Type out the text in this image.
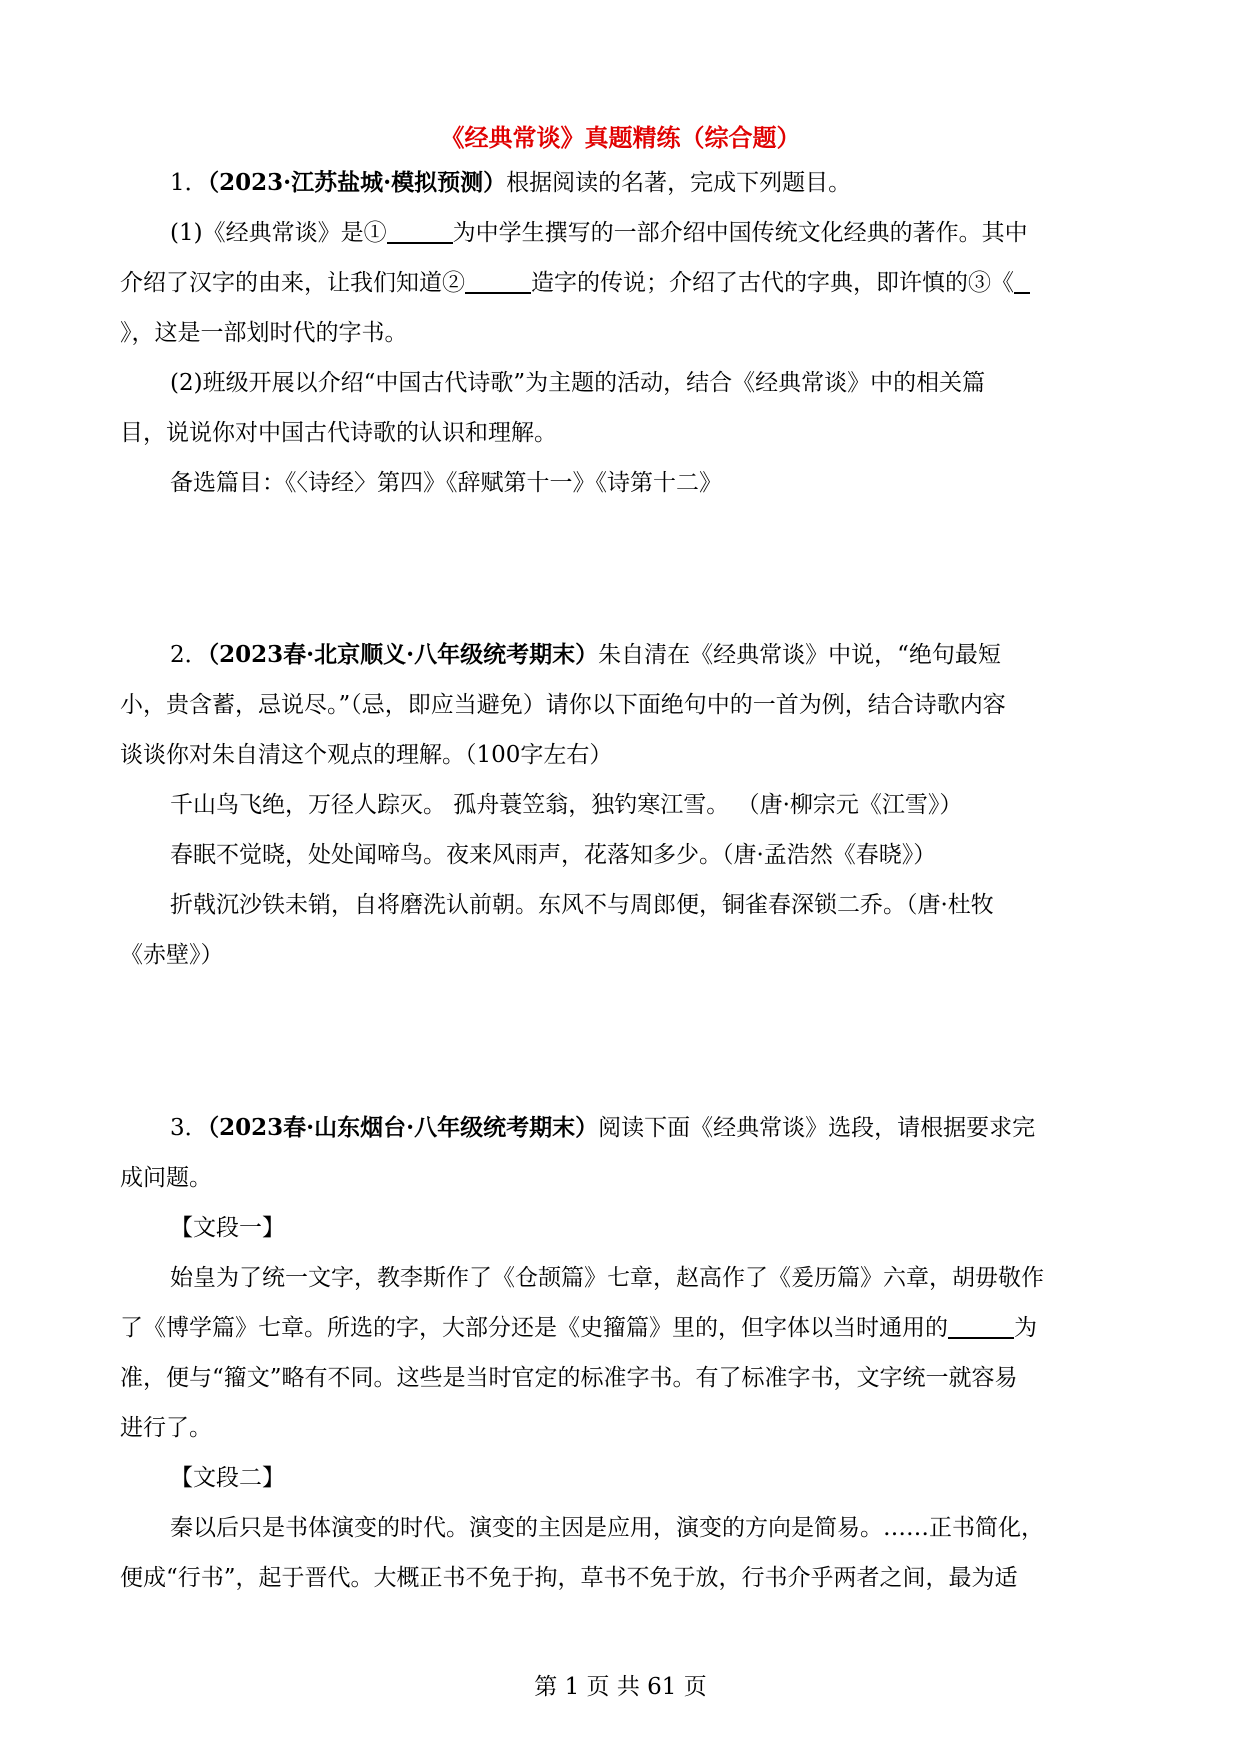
《经典常谈》真题精练（综合题）
1．（2023·江苏盐城·模拟预测）根据阅读的名著，完成下列题目。
(1)《经典常谈》是①	为中学生撰写的一部介绍中国传统文化经典的著作。其中
介绍了汉字的由来，让我们知道②	造字的传说；介绍了古代的字典，即许慎的③《
》，这是一部划时代的字书。
(2)班级开展以介绍“中国古代诗歌”为主题的活动，结合《经典常谈》中的相关篇
目，说说你对中国古代诗歌的认识和理解。
备选篇目：《〈诗经〉第四》《辞赋第十一》《诗第十二》
2．（2023春·北京顺义·八年级统考期末）朱自清在《经典常谈》中说，“绝句最短
小，贵含蓄，忌说尽。”（忌，即应当避免）请你以下面绝句中的一首为例，结合诗歌内容
谈谈你对朱自清这个观点的理解。（100字左右）
千山鸟飞绝，万径人踪灭。 孤舟蓑笠翁，独钓寒江雪。 （唐·柳宗元《江雪》）
春眠不觉晓，处处闻啼鸟。夜来风雨声，花落知多少。（唐·孟浩然《春晓》）
折戟沉沙铁未销，自将磨洗认前朝。东风不与周郎便，铜雀春深锁二乔。（唐·杜牧
《赤壁》）
3．（2023春·山东烟台·八年级统考期末）阅读下面《经典常谈》选段，请根据要求完
成问题。
【文段一】
始皇为了统一文字，教李斯作了《仓颉篇》七章，赵高作了《爰历篇》六章，胡毋敬作
了《博学篇》七章。所选的字，大部分还是《史籀篇》里的，但字体以当时通用的	为
准，便与“籀文”略有不同。这些是当时官定的标准字书。有了标准字书，文字统一就容易
进行了。
【文段二】
秦以后只是书体演变的时代。演变的主因是应用，演变的方向是简易。……正书简化，
便成“行书”，起于晋代。大概正书不免于拘，草书不免于放，行书介乎两者之间，最为适
第 1 页 共 61 页
